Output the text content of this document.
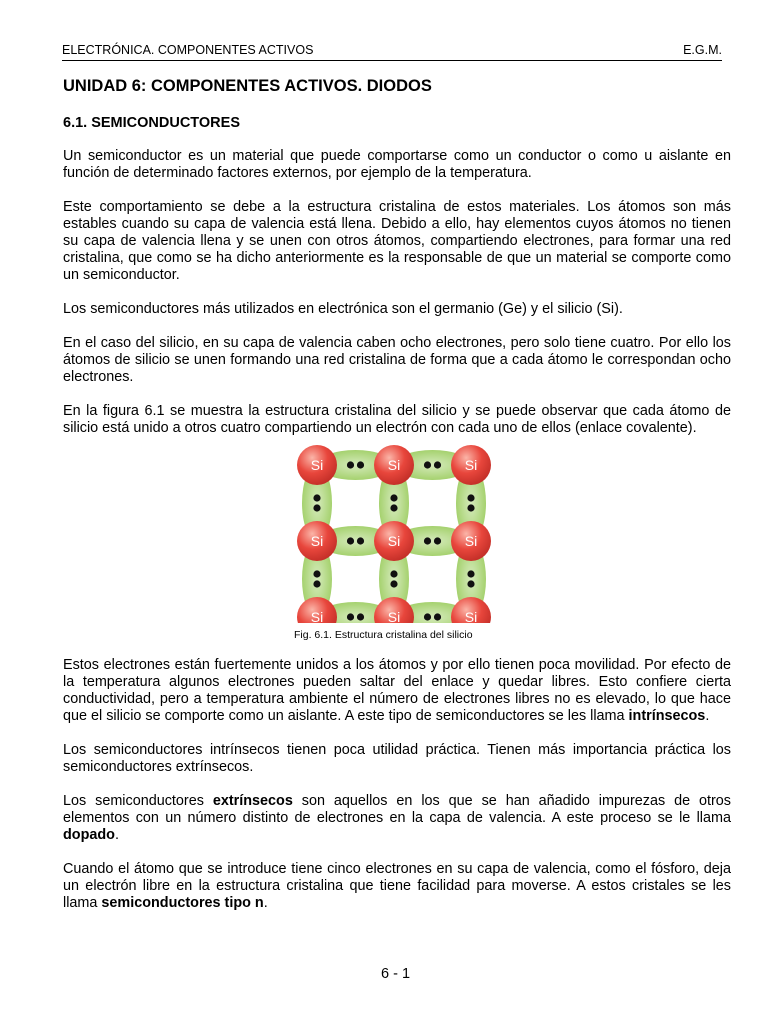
ELECTRÓNICA. COMPONENTES ACTIVOS	E.G.M.
UNIDAD 6: COMPONENTES ACTIVOS. DIODOS
6.1. SEMICONDUCTORES

Un semiconductor es un material que puede comportarse como un conductor o como u aislante en función de determinado factores externos, por ejemplo de la temperatura.

Este comportamiento se debe a la estructura cristalina de estos materiales. Los átomos son más estables cuando su capa de valencia está llena. Debido a ello, hay elementos cuyos átomos no tienen su capa de valencia llena y se unen con otros átomos, compartiendo electrones, para formar una red cristalina, que como se ha dicho anteriormente es la responsable de que un material se comporte como un semiconductor.

Los semiconductores más utilizados en electrónica son el germanio (Ge) y el silicio (Si).

En el caso del silicio, en su capa de valencia caben ocho electrones, pero solo tiene cuatro. Por ello los átomos de silicio se unen formando una red cristalina de forma que a cada átomo le correspondan ocho electrones.

En la figura 6.1 se muestra la estructura cristalina del silicio y se puede observar que cada átomo de silicio está unido a otros cuatro compartiendo un electrón con cada uno de ellos (enlace covalente).

Si	Si	Si
Si	Si	Si
Si	Si	Si
Fig. 6.1. Estructura cristalina del silicio

Estos electrones están fuertemente unidos a los átomos y por ello tienen poca movilidad. Por efecto de la temperatura algunos electrones pueden saltar del enlace y quedar libres. Esto confiere cierta conductividad, pero a temperatura ambiente el número de electrones libres no es elevado, lo que hace que el silicio se comporte como un aislante. A este tipo de semiconductores se les llama intrínsecos.

Los semiconductores intrínsecos tienen poca utilidad práctica. Tienen más importancia práctica los semiconductores extrínsecos.

Los semiconductores extrínsecos son aquellos en los que se han añadido impurezas de otros elementos con un número distinto de electrones en la capa de valencia. A este proceso se le llama dopado.

Cuando el átomo que se introduce tiene cinco electrones en su capa de valencia, como el fósforo, deja un electrón libre en la estructura cristalina que tiene facilidad para moverse. A estos cristales se les llama semiconductores tipo n.

6 - 1
